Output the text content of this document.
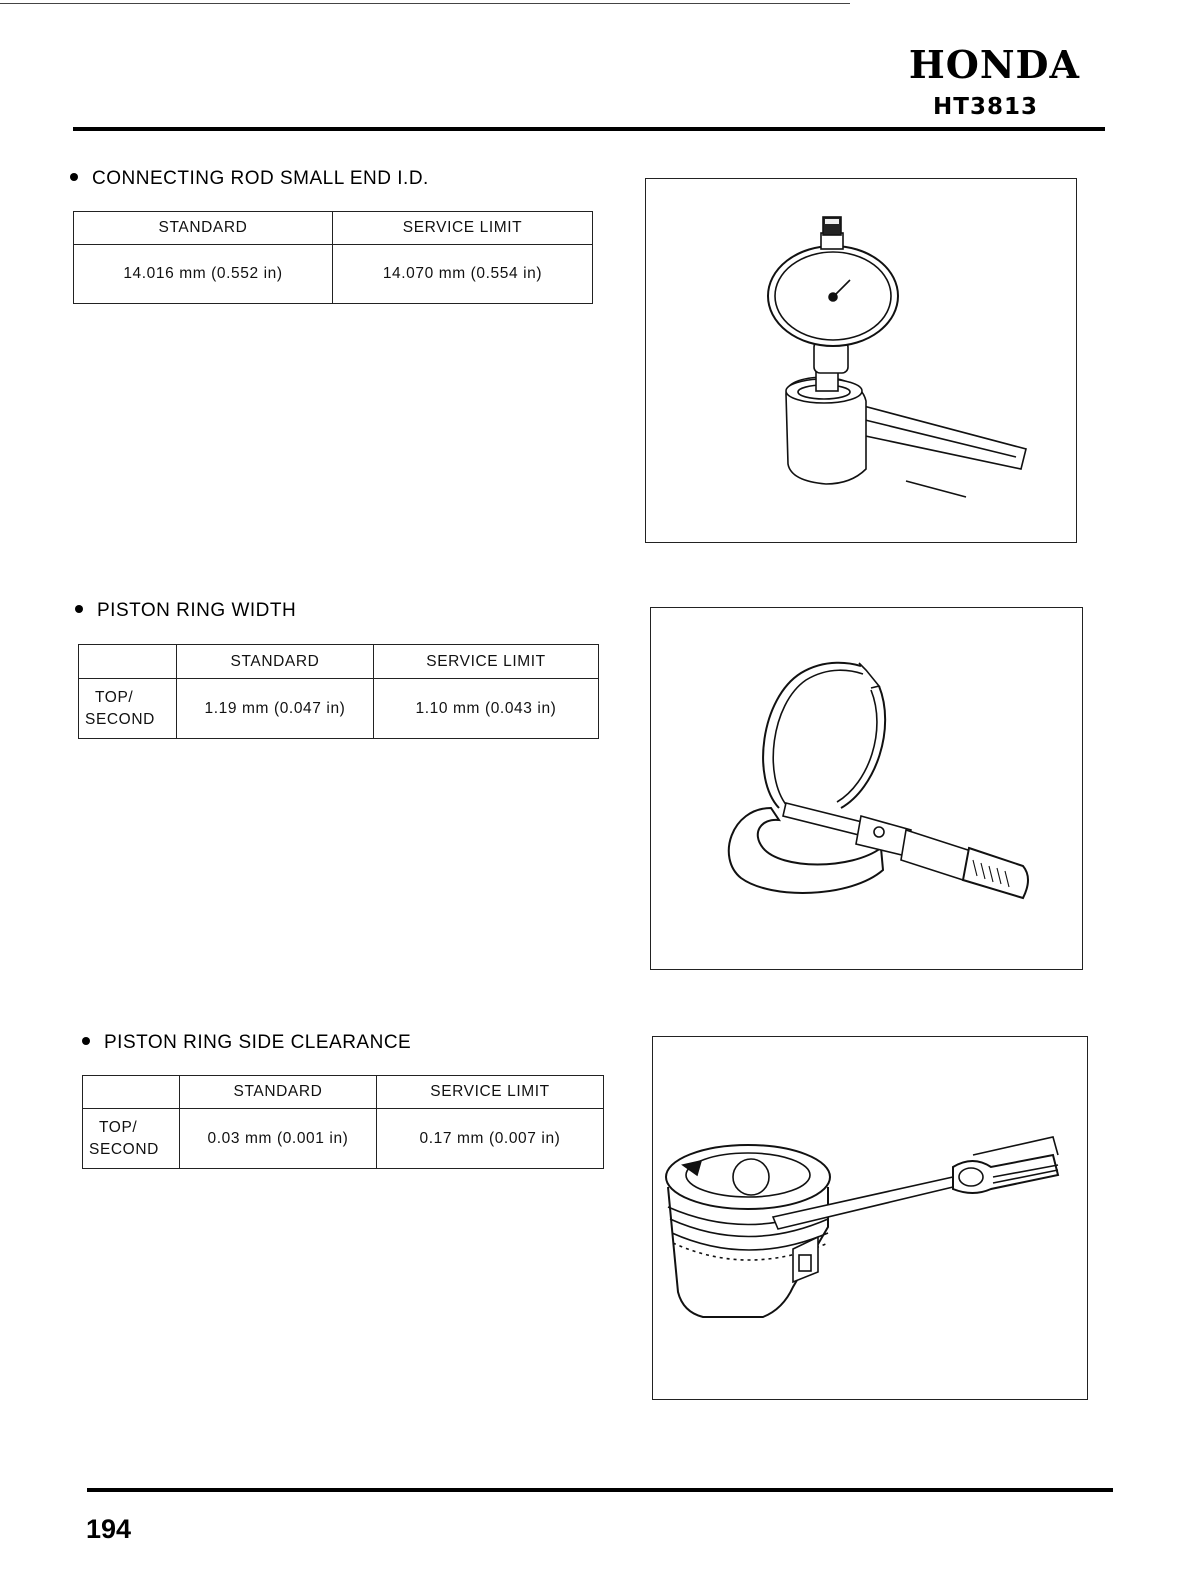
HONDA
HT3813
CONNECTING ROD SMALL END I.D.
STANDARD	SERVICE LIMIT
14.016 mm (0.552 in)	14.070 mm (0.554 in)
PISTON RING WIDTH
	STANDARD	SERVICE LIMIT

TOP/
SECOND	1.19 mm (0.047 in)	1.10 mm (0.043 in)
PISTON RING SIDE CLEARANCE
	STANDARD	SERVICE LIMIT

TOP/
SECOND	0.03 mm (0.001 in)	0.17 mm (0.007 in)
194
